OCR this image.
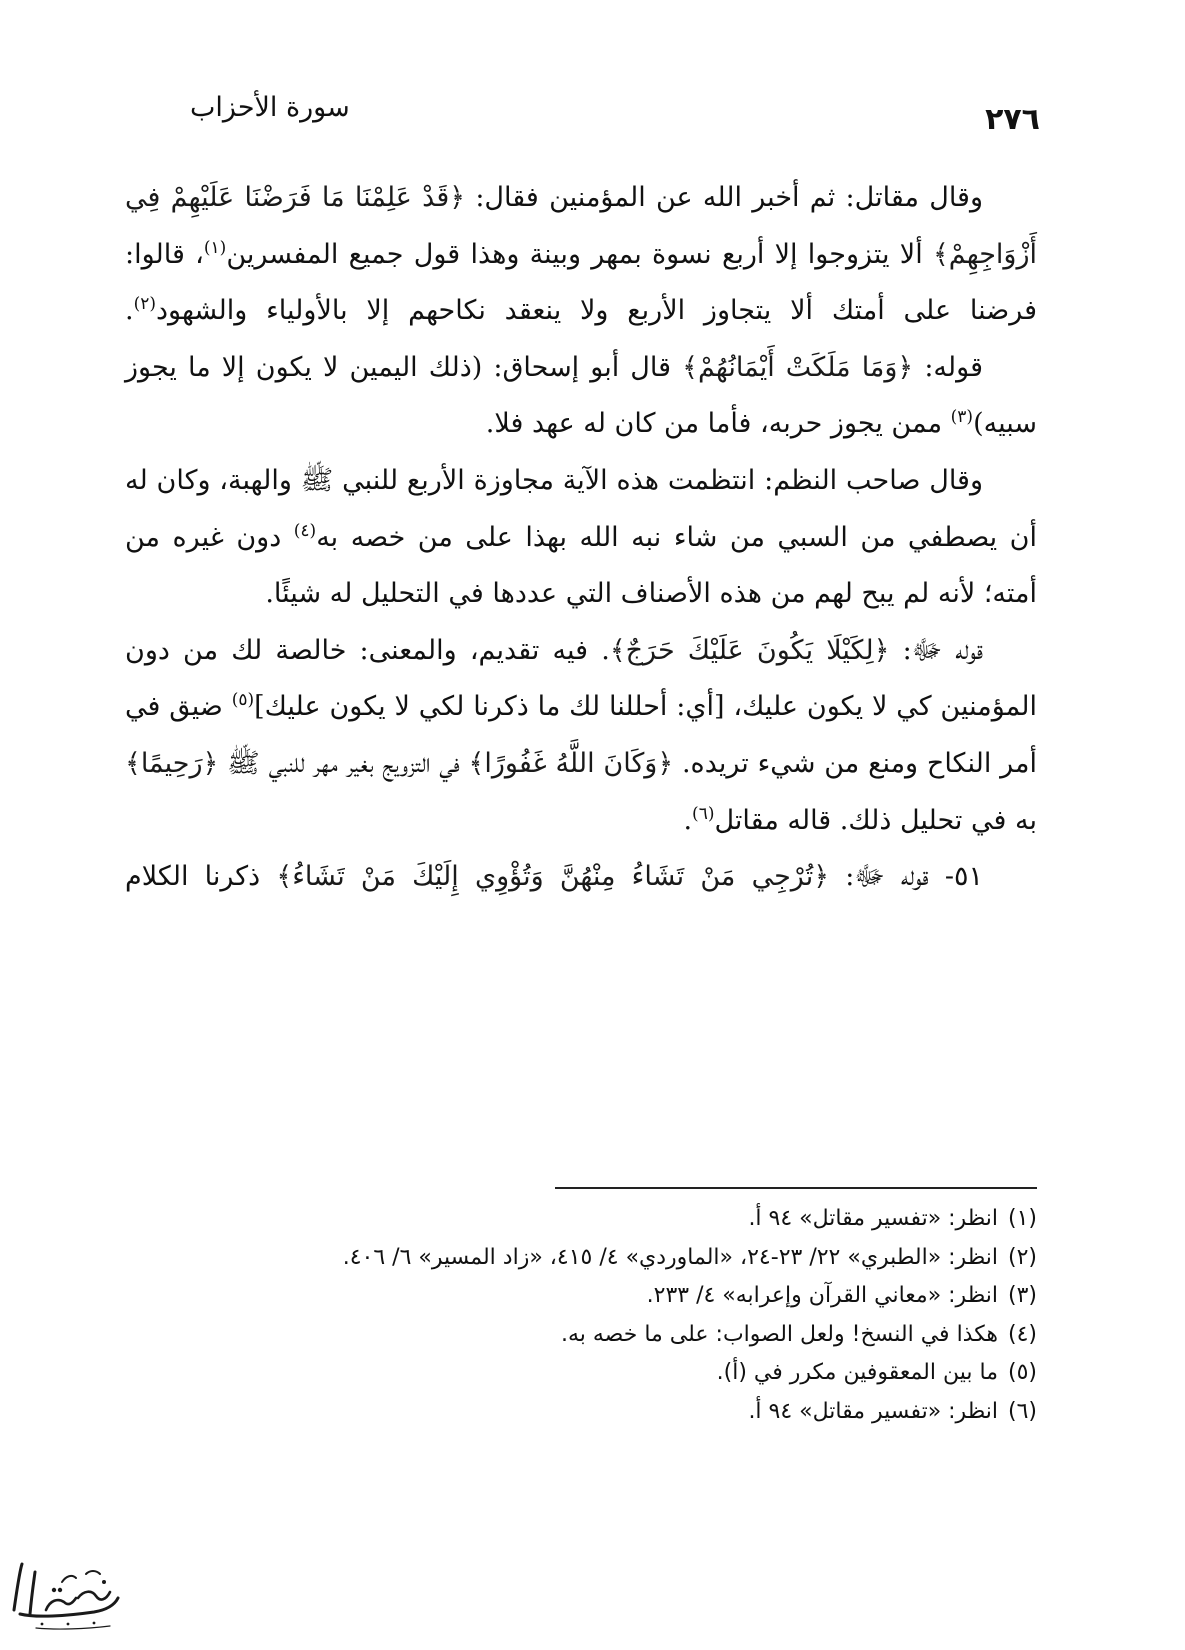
٢٧٦
سورة الأحزاب

وقال مقاتل: ثم أخبر الله عن المؤمنين فقال: ﴿قَدْ عَلِمْنَا مَا فَرَضْنَا عَلَيْهِمْ فِي أَزْوَاجِهِمْ﴾ ألا يتزوجوا إلا أربع نسوة بمهر وبينة وهذا قول جميع المفسرين$^{(١)}$، قالوا: فرضنا على أمتك ألا يتجاوز الأربع ولا ينعقد نكاحهم إلا بالأولياء والشهود$^{(٢)}$.

قوله: ﴿وَمَا مَلَكَتْ أَيْمَانُهُمْ﴾ قال أبو إسحاق: (ذلك اليمين لا يكون إلا ما يجوز سبيه)$^{(٣)}$ ممن يجوز حربه، فأما من كان له عهد فلا.

وقال صاحب النظم: انتظمت هذه الآية مجاوزة الأربع للنبي ﷺ والهبة، وكان له أن يصطفي من السبي من شاء نبه الله بهذا على من خصه به$^{(٤)}$ دون غيره من أمته؛ لأنه لم يبح لهم من هذه الأصناف التي عددها في التحليل له شيئًا.

قوله ﷻ: ﴿لِكَيْلَا يَكُونَ عَلَيْكَ حَرَجٌ﴾. فيه تقديم، والمعنى: خالصة لك من دون المؤمنين كي لا يكون عليك، [أي: أحللنا لك ما ذكرنا لكي لا يكون عليك]$^{(٥)}$ ضيق في أمر النكاح ومنع من شيء تريده. ﴿وَكَانَ اللَّهُ غَفُورًا﴾ في التزويج بغير مهر للنبي ﷺ ﴿رَحِيمًا﴾ به في تحليل ذلك. قاله مقاتل$^{(٦)}$.

٥١- قوله ﷻ: ﴿تُرْجِي مَنْ تَشَاءُ مِنْهُنَّ وَتُؤْوِي إِلَيْكَ مَنْ تَشَاءُ﴾ ذكرنا الكلام

(١)انظر: «تفسير مقاتل» ٩٤ أ.

(٢)انظر: «الطبري» ٢٢/ ٢٣-٢٤، «الماوردي» ٤/ ٤١٥، «زاد المسير» ٦/ ٤٠٦.

(٣)انظر: «معاني القرآن وإعرابه» ٤/ ٢٣٣.

(٤)هكذا في النسخ! ولعل الصواب: على ما خصه به.

(٥)ما بين المعقوفين مكرر في (أ).

(٦)انظر: «تفسير مقاتل» ٩٤ أ.
